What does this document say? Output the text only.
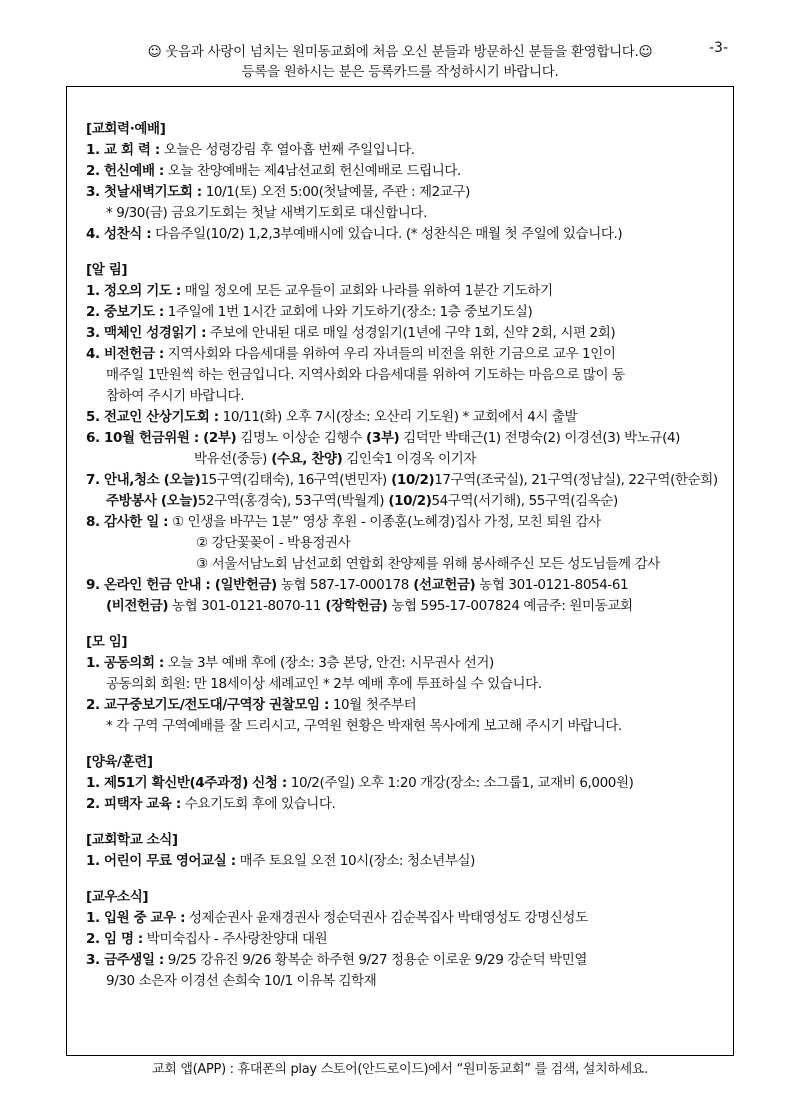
☺ 웃음과 사랑이 넘치는 원미동교회에 처음 오신 분들과 방문하신 분들을 환영합니다.☺	-3-
등록을 원하시는 분은 등록카드를 작성하시기 바랍니다.
[교회력·예배]
1. 교 회 력 : 오늘은 성령강림 후 열아홉 번째 주일입니다.
2. 헌신예배 : 오늘 찬양예배는 제4남선교회 헌신예배로 드립니다.
3. 첫날새벽기도회 : 10/1(토) 오전 5:00(첫날예물, 주관 : 제2교구)
* 9/30(금) 금요기도회는 첫날 새벽기도회로 대신합니다.
4. 성찬식 : 다음주일(10/2) 1,2,3부예배시에 있습니다. (* 성찬식은 매월 첫 주일에 있습니다.)
[알 림]
1. 정오의 기도 : 매일 정오에 모든 교우들이 교회와 나라를 위하여 1분간 기도하기
2. 중보기도 : 1주일에 1번 1시간 교회에 나와 기도하기(장소: 1층 중보기도실)
3. 맥체인 성경읽기 : 주보에 안내된 대로 매일 성경읽기(1년에 구약 1회, 신약 2회, 시편 2회)
4. 비전헌금 : 지역사회와 다음세대를 위하여 우리 자녀들의 비전을 위한 기금으로 교우 1인이
매주일 1만원씩 하는 헌금입니다. 지역사회와 다음세대를 위하여 기도하는 마음으로 많이 동
참하여 주시기 바랍니다.
5. 전교인 산상기도회 : 10/11(화) 오후 7시(장소: 오산리 기도원) * 교회에서 4시 출발
6. 10월 헌금위원 : (2부) 김명노 이상순 김행수 (3부) 김덕만 박태근(1) 전명숙(2) 이경선(3) 박노규(4)
박유선(중등) (수요, 찬양) 김인숙1 이경옥 이기자
7. 안내,청소 (오늘)15구역(김태숙), 16구역(변민자) (10/2)17구역(조국실), 21구역(정남실), 22구역(한순희)
주방봉사 (오늘)52구역(홍경숙), 53구역(박월계) (10/2)54구역(서기해), 55구역(김옥순)
8. 감사한 일 : ① 인생을 바꾸는 1분” 영상 후원 - 이종훈(노혜경)집사 가정, 모친 퇴원 감사
② 강단꽃꽂이 - 박용정권사
③ 서울서남노회 남선교회 연합회 찬양제를 위해 봉사해주신 모든 성도님들께 감사
9. 온라인 헌금 안내 : (일반헌금) 농협 587-17-000178 (선교헌금) 농협 301-0121-8054-61
(비전헌금) 농협 301-0121-8070-11 (장학헌금) 농협 595-17-007824 예금주: 원미동교회
[모 임]
1. 공동의회 : 오늘 3부 예배 후에 (장소: 3층 본당, 안건: 시무권사 선거)
공동의회 회원: 만 18세이상 세례교인 * 2부 예배 후에 투표하실 수 있습니다.
2. 교구중보기도/전도대/구역장 권찰모임 : 10월 첫주부터
* 각 구역 구역예배를 잘 드리시고, 구역원 현황은 박재현 목사에게 보고해 주시기 바랍니다.
[양육/훈련]
1. 제51기 확신반(4주과정) 신청 : 10/2(주일) 오후 1:20 개강(장소: 소그룹1, 교재비 6,000원)
2. 피택자 교육 : 수요기도회 후에 있습니다.
[교회학교 소식]
1. 어린이 무료 영어교실 : 매주 토요일 오전 10시(장소: 청소년부실)
[교우소식]
1. 입원 중 교우 : 성제순권사 윤재경권사 정순덕권사 김순복집사 박태영성도 강명신성도
2. 임 명 : 박미숙집사 - 주사랑찬양대 대원
3. 금주생일 : 9/25 강유진 9/26 황복순 하주현 9/27 정용순 이로운 9/29 강순덕 박민열
9/30 소은자 이경선 손희숙 10/1 이유복 김학재
교회 앱(APP) : 휴대폰의 play 스토어(안드로이드)에서 “원미동교회” 를 검색, 설치하세요.
